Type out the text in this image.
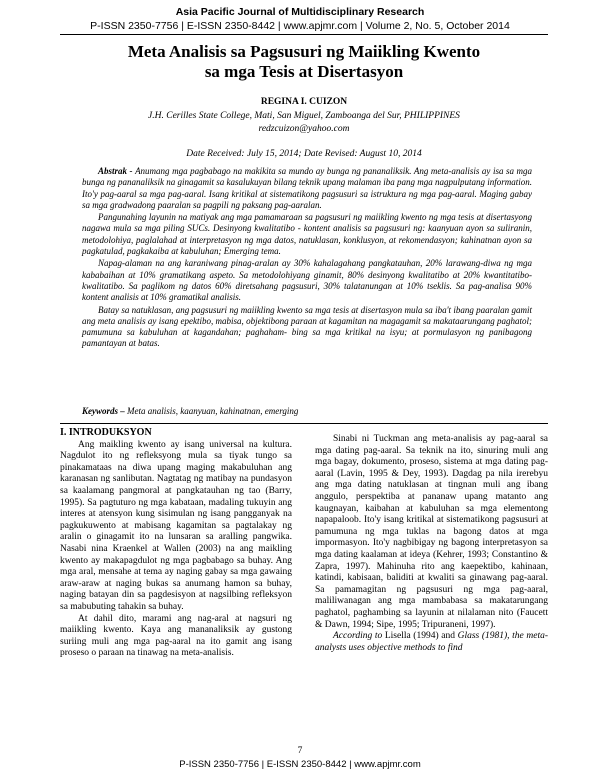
Asia Pacific Journal of Multidisciplinary Research
P-ISSN 2350-7756 | E-ISSN 2350-8442 | www.apjmr.com | Volume 2, No. 5, October 2014
Meta Analisis sa Pagsusuri ng Maiikling Kwento
sa mga Tesis at Disertasyon
REGINA I. CUIZON
J.H. Cerilles State College, Mati, San Miguel, Zamboanga del Sur, PHILIPPINES
redzcuizon@yahoo.com
Date Received: July 15, 2014; Date Revised: August 10, 2014

Abstrak - Anumang mga pagbabago na makikita sa mundo ay bunga ng pananaliksik. Ang meta-analisis ay isa sa mga bunga ng pananaliksik na ginagamit sa kasalukuyan bilang teknik upang malaman iba pang mga nagpulputang information. Ito'y pag-aaral sa mga pag-aaral. Isang kritikal at sistematikong pagsusuri sa istruktura ng mga pag-aaral. Maging gabay sa mga gradwadong paaralan sa pagpili ng paksang pag-aaralan.

Pangunahing layunin na matiyak ang mga pamamaraan sa pagsusuri ng maiikling kwento ng mga tesis at disertasyong nagawa mula sa mga piling SUCs. Desinyong kwalitatibo - kontent analisis sa pagsusuri ng: kaanyuan ayon sa suliranin, metodolohiya, paglalahad at interpretasyon ng mga datos, natuklasan, konklusyon, at rekomendasyon; kahinatnan ayon sa pagkatulad, pagkakaiba at kabuluhan; Emerging tema.

Napag-alaman na ang karaniwang pinag-aralan ay 30% kahalagahang pangkatauhan, 20% larawang-diwa ng mga kababaihan at 10% gramatikang aspeto. Sa metodolohiyang ginamit, 80% desinyong kwalitatibo at 20% kwantitatibo-kwalitatibo. Sa paglikom ng datos 60% diretsahang pagsusuri, 30% talatanungan at 10% tseklis. Sa pag-analisa 90% kontent analisis at 10% gramatikal analisis.

Batay sa natuklasan, ang pagsusuri ng maiikling kwento sa mga tesis at disertasyon mula sa iba't ibang paaralan gamit ang meta analisis ay isang epektibo, mabisa, objektibong paraan at kagamitan na magagamit sa makataarungang paghatol; pamumuna sa kabuluhan at kagandahan; paghaham- bing sa mga kritikal na isyu; at pormulasyon ng panibagong pamantayan at batas.

Keywords – Meta analisis, kaanyuan, kahinatnan, emerging
I. INTRODUKSYON

Ang maikling kwento ay isang universal na kultura. Nagdulot ito ng refleksyong mula sa tiyak tungo sa pinakamataas na diwa upang maging makabuluhan ang karanasan ng sanlibutan. Nagtatag ng matibay na pundasyon sa kaalamang pangmoral at pangkatauhan ng tao (Barry, 1995). Sa pagtuturo ng mga kabataan, madaling tukuyin ang interes at atensyon kung sisimulan ng isang pangganyak na pagkukuwento at mabisang kagamitan sa pagtalakay ng aralin o ginagamit ito na lunsaran sa aralling pangwika. Nasabi nina Kraenkel at Wallen (2003) na ang maikling kwento ay makapagdulot ng mga pagbabago sa buhay. Ang mga aral, mensahe at tema ay naging gabay sa mga gawaing araw-araw at naging bukas sa anumang hamon sa buhay, naging batayan din sa pagdesisyon at nagsilbing refleksyon sa mabubuting tahakin sa buhay.

At dahil dito, marami ang nag-aral at nagsuri ng maiikling kwento. Kaya ang mananaliksik ay gustong suriing muli ang mga pag-aaral na ito gamit ang isang proseso o paraan na tinawag na meta-analisis.

Sinabi ni Tuckman ang meta-analisis ay pag-aaral sa mga dating pag-aaral. Sa teknik na ito, sinuring muli ang mga bagay, dokumento, proseso, sistema at mga dating pag-aaral (Lavin, 1995 & Dey, 1993). Dagdag pa nila irerebyu ang mga dating natuklasan at tingnan muli ang ibang anggulo, perspektiba at pananaw upang matanto ang kaugnayan, kaibahan at kabuluhan sa mga elementong napapaloob. Ito'y isang kritikal at sistematikong pagsusuri at pamumuna ng mga tuklas na bagong datos at mga impormasyon. Ito'y nagbibigay ng bagong interpretasyon sa mga dating kaalaman at ideya (Kehrer, 1993; Constantino & Zapra, 1997). Mahinuha rito ang kaepektibo, kahinaan, katindi, kabisaan, baliditi at kwaliti sa ginawang pag-aaral. Sa pamamagitan ng pagsusuri ng mga pag-aaral, maliliwanagan ang mga mambabasa sa makatarungang paghatol, paghambing sa layunin at nilalaman nito (Faucett & Dawn, 1994; Sipe, 1995; Tripuraneni, 1997).

According to Lisella (1994) and Glass (1981), the meta-analysts uses objective methods to find

7
P-ISSN 2350-7756 | E-ISSN 2350-8442 | www.apjmr.com
